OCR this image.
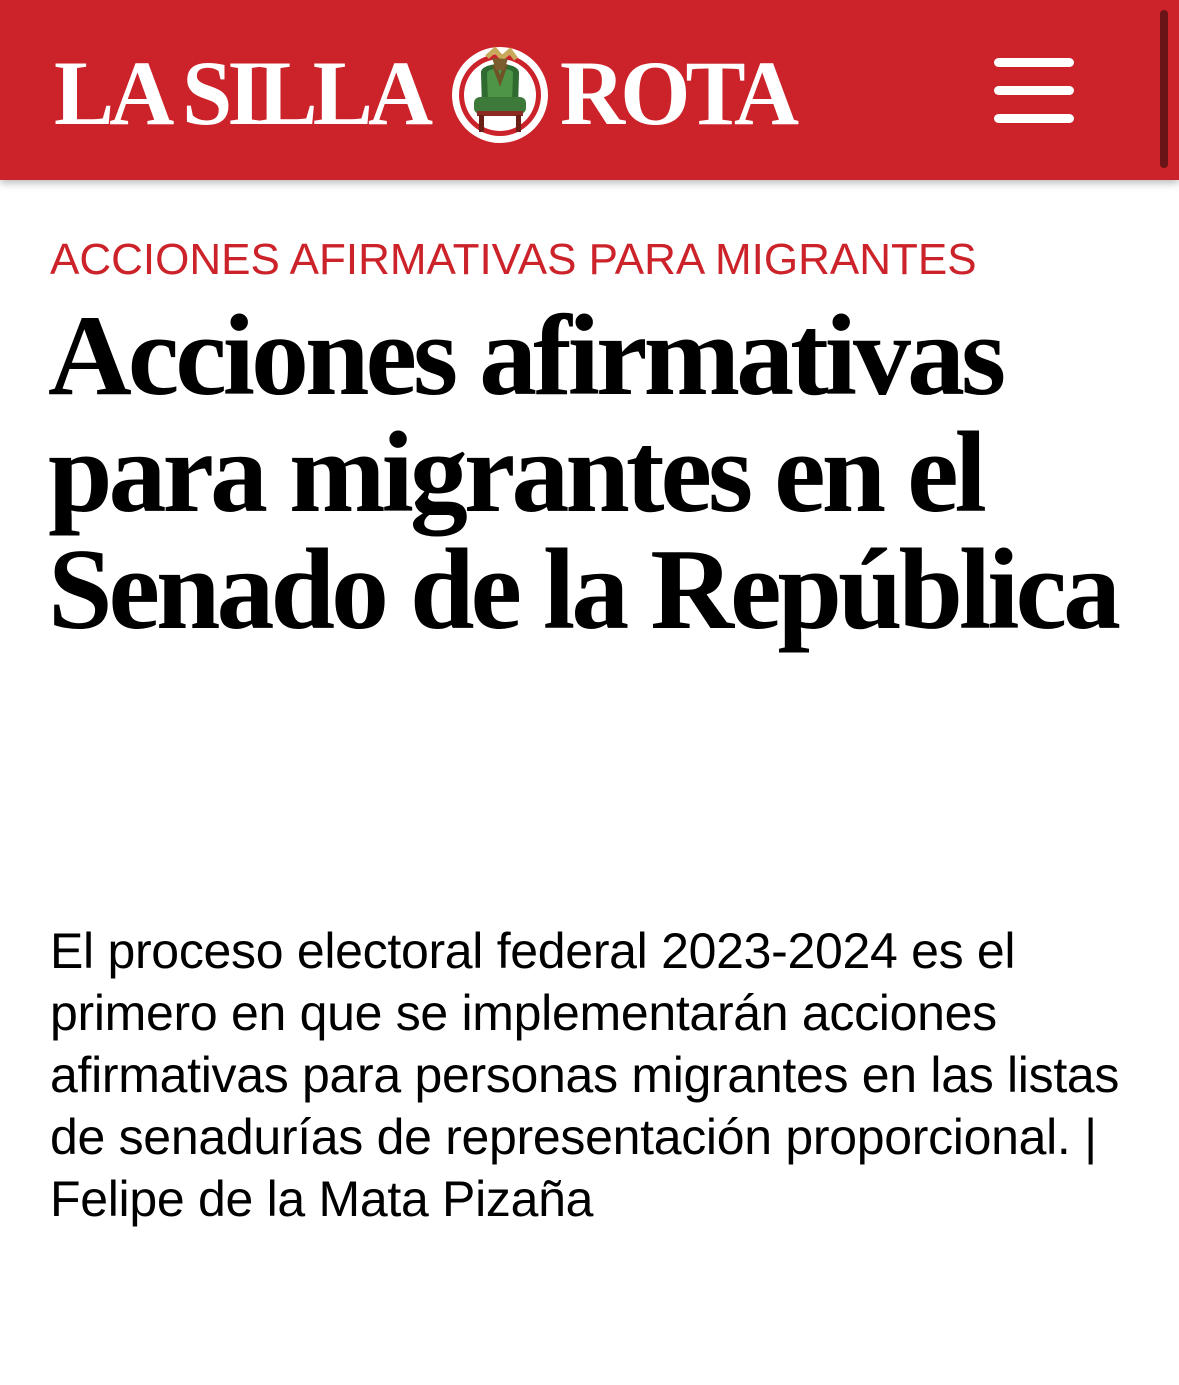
LA SILLA ROTA

ACCIONES AFIRMATIVAS PARA MIGRANTES

Acciones afirmativas para migrantes en el Senado de la República

El proceso electoral federal 2023-2024 es el primero en que se implementarán acciones afirmativas para personas migrantes en las listas de senadurías de representación proporcional. | Felipe de la Mata Pizaña
